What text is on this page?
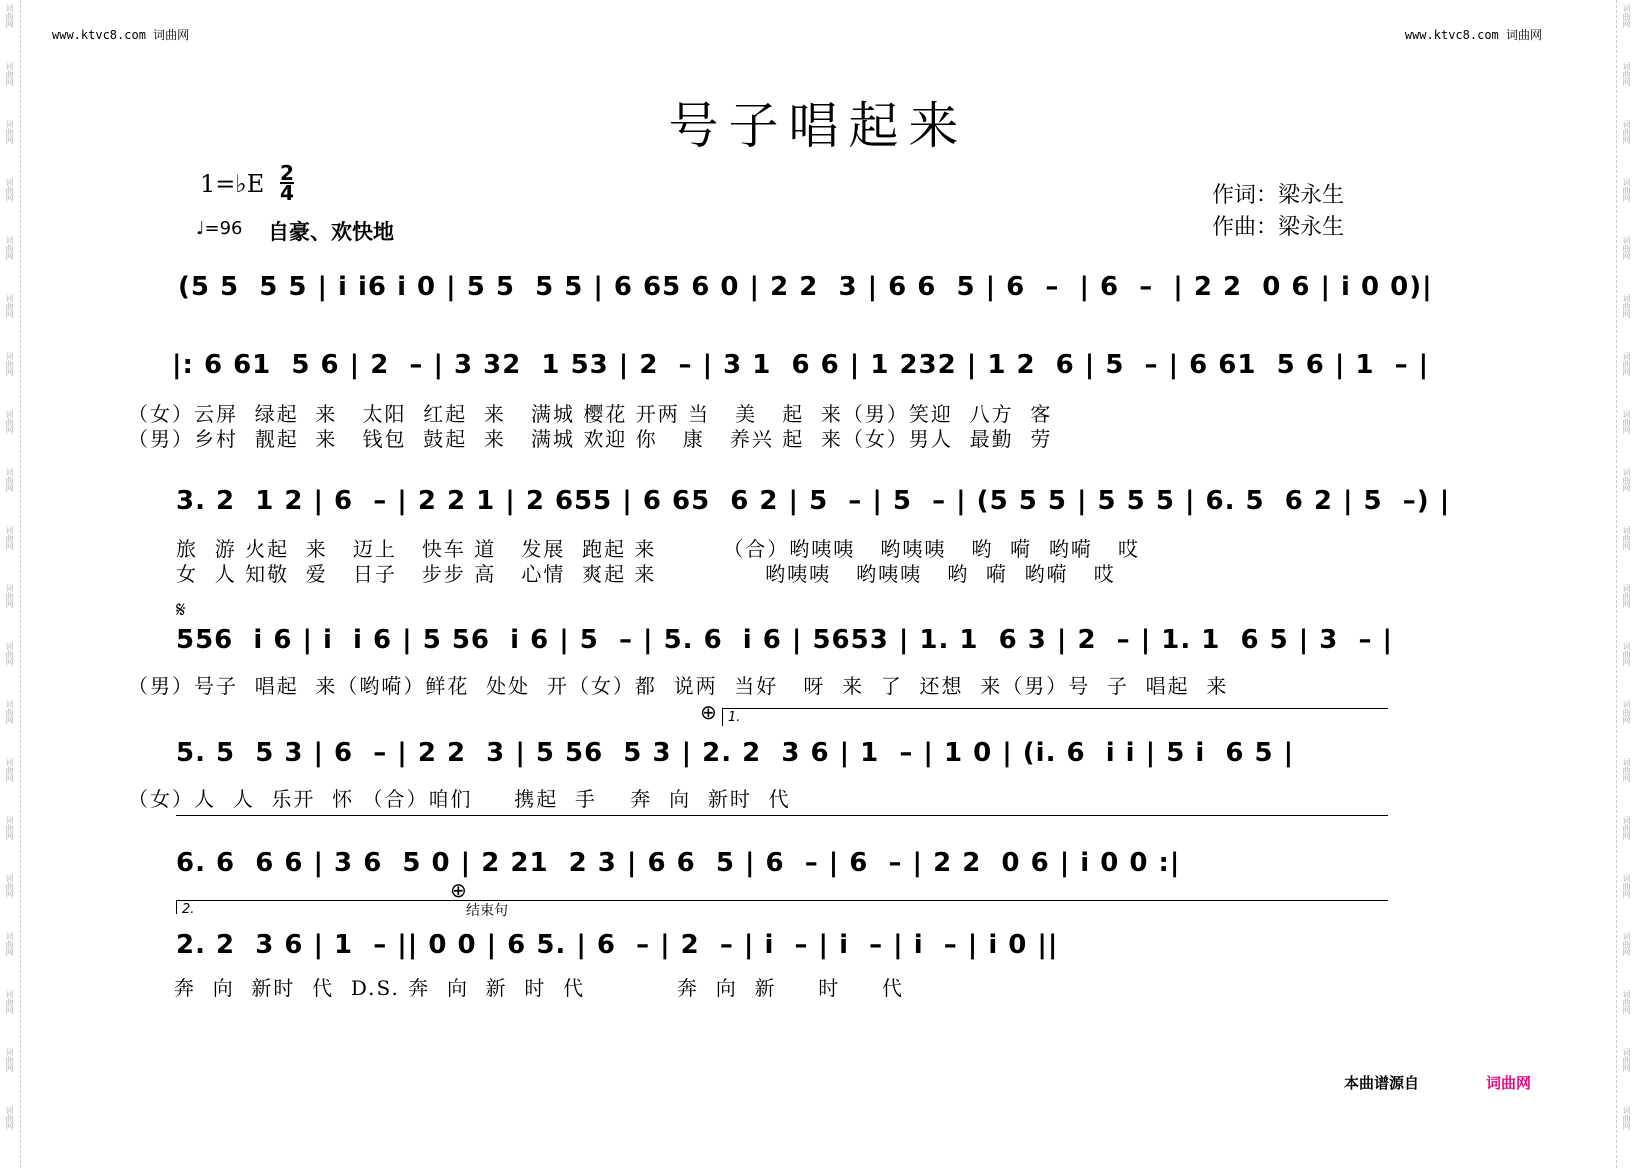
词曲网
词曲网
词曲网
词曲网
词曲网
词曲网
词曲网
词曲网
词曲网
词曲网
词曲网
词曲网
词曲网
词曲网
词曲网
词曲网
词曲网
词曲网
词曲网
词曲网
词曲网
词曲网
词曲网
词曲网
词曲网
词曲网
词曲网
词曲网
词曲网
词曲网
词曲网
词曲网
词曲网
词曲网
词曲网
词曲网
词曲网
词曲网
词曲网
词曲网
www.ktvc8.com 词曲网	www.ktvc8.com 词曲网
号子唱起来
1=♭E 2
4
♩=96 自豪、欢快地
作词：梁永生
作曲：梁永生
(5 5  5 5 | i i6 i 0 | 5 5  5 5 | 6 65 6 0 | 2 2  3 | 6 6  5 | 6  –  | 6  –  | 2 2  0 6 | i 0 0)|
|: 6 61  5 6 | 2  – | 3 32  1 53 | 2  – | 3 1  6 6 | 1 232 | 1 2  6 | 5  – | 6 61  5 6 | 1  – |
（女）云屏  绿起  来   太阳  红起  来   满城 樱花 开两 当   美   起  来（男）笑迎  八方  客
（男）乡村  靓起  来   钱包  鼓起  来   满城 欢迎 你   康   养兴 起  来（女）男人  最勤  劳
3. 2  1 2 | 6  – | 2 2 1 | 2 655 | 6 65  6 2 | 5  – | 5  – | (5 5 5 | 5 5 5 | 6. 5  6 2 | 5  –) |
旅  游 火起  来   迈上   快车 道   发展  跑起 来        （合）哟咦咦   哟咦咦   哟  嗬  哟嗬   哎
女  人 知敬  爱   日子   步步 高   心情  爽起 来             哟咦咦   哟咦咦   哟  嗬  哟嗬   哎
𝄋
556  i 6 | i  i 6 | 5 56  i 6 | 5  – | 5. 6  i 6 | 5653 | 1. 1  6 3 | 2  – | 1. 1  6 5 | 3  – |
（男）号子  唱起  来（哟嗬）鲜花  处处  开（女）都  说两  当好   呀  来  了  还想  来（男）号  子  唱起  来
⊕ 1.
5. 5  5 3 | 6  – | 2 2  3 | 5 56  5 3 | 2. 2  3 6 | 1  – | 1 0 | (i. 6  i i | 5 i  6 5 |
（女）人  人  乐开  怀 （合）咱们     携起  手    奔  向  新时  代
6. 6  6 6 | 3 6  5 0 | 2 21  2 3 | 6 6  5 | 6  – | 6  – | 2 2  0 6 | i 0 0 :|
2.
⊕
结束句
2. 2  3 6 | 1  – || 0 0 | 6 5. | 6  – | 2  – | i  – | i  – | i  – | i 0 ||
奔  向  新时  代  D.S. 奔  向  新  时  代           奔  向  新     时     代
本曲谱源自	词曲网
